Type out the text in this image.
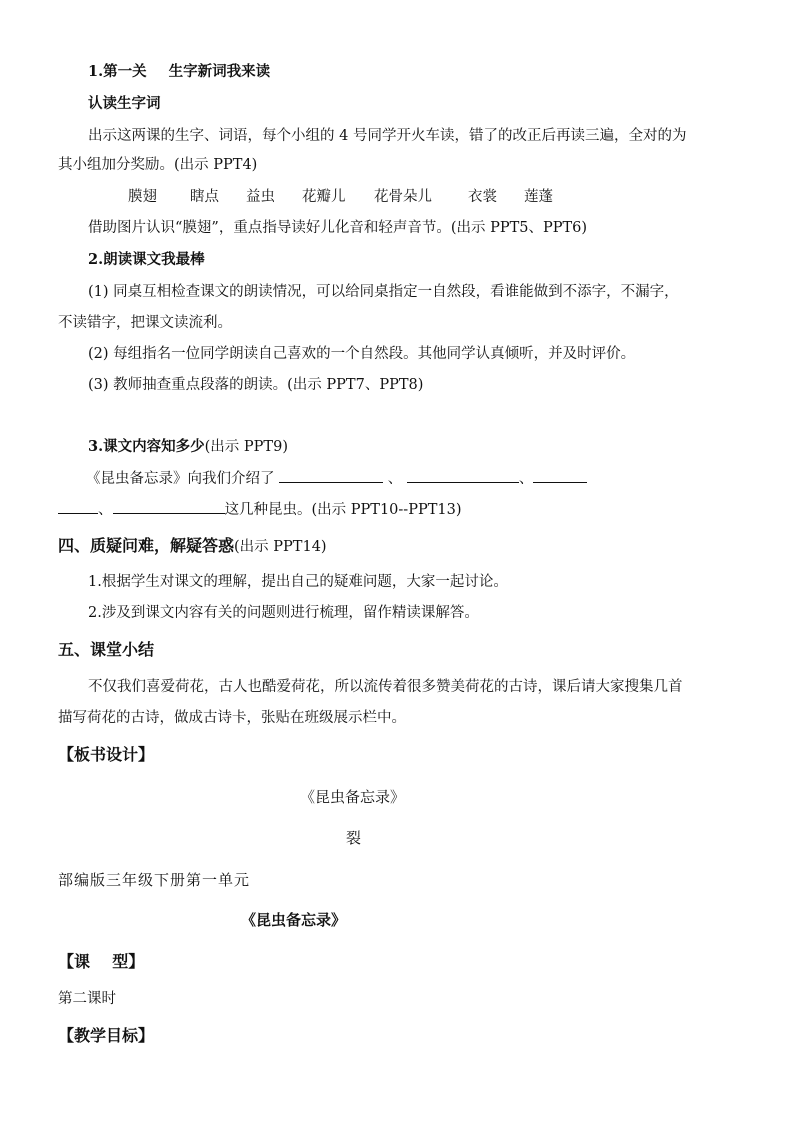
1.第一关 生字新词我来读
认读生字词
出示这两课的生字、词语，每个小组的 4 号同学开火车读，错了的改正后再读三遍，全对的为
其小组加分奖励。(出示 PPT4)
膜翅 瞎点 益虫 花瓣儿 花骨朵儿 衣裳 莲蓬
借助图片认识“膜翅”，重点指导读好儿化音和轻声音节。(出示 PPT5、PPT6)
2.朗读课文我最棒
(1) 同桌互相检查课文的朗读情况，可以给同桌指定一自然段，看谁能做到不添字，不漏字，
不读错字，把课文读流利。
(2) 每组指名一位同学朗读自己喜欢的一个自然段。其他同学认真倾听，并及时评价。
(3) 教师抽查重点段落的朗读。(出示 PPT7、PPT8)
3.课文内容知多少(出示 PPT9)
《昆虫备忘录》向我们介绍了	、	、
、	这几种昆虫。(出示 PPT10--PPT13)
四、质疑问难，解疑答惑(出示 PPT14)
1.根据学生对课文的理解，提出自己的疑难问题，大家一起讨论。
2.涉及到课文内容有关的问题则进行梳理，留作精读课解答。
五、课堂小结
不仅我们喜爱荷花，古人也酷爱荷花，所以流传着很多赞美荷花的古诗，课后请大家搜集几首
描写荷花的古诗，做成古诗卡，张贴在班级展示栏中。
【板书设计】
《昆虫备忘录》
裂
部编版三年级下册第一单元
《昆虫备忘录》
【课    型】
第二课时
【教学目标】
